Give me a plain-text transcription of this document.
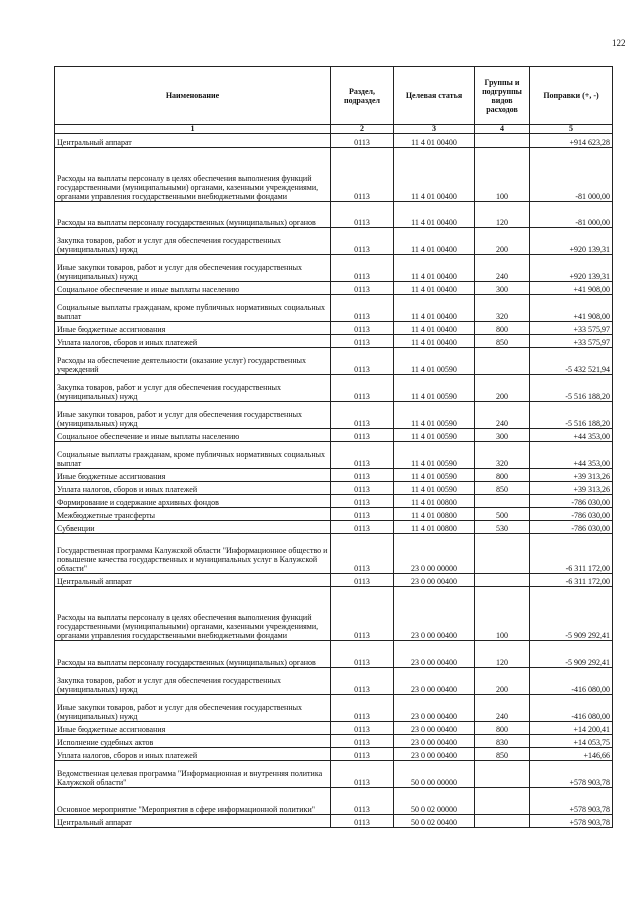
122
Наименование	Раздел, подраздел	Целевая статья	Группы и подгруппы видов расходов	Поправки (+, -)
1	2	3	4	5
Центральный аппарат	0113	11 4 01 00400		+914 623,28
Расходы на выплаты персоналу в целях обеспечения выполнения функций государственными (муниципальными) органами, казенными учреждениями, органами управления государственными внебюджетными фондами	0113	11 4 01 00400	100	-81 000,00
Расходы на выплаты персоналу государственных (муниципальных) органов	0113	11 4 01 00400	120	-81 000,00
Закупка товаров, работ и услуг для обеспечения государственных (муниципальных) нужд	0113	11 4 01 00400	200	+920 139,31
Иные закупки товаров, работ и услуг для обеспечения государственных (муниципальных) нужд	0113	11 4 01 00400	240	+920 139,31
Социальное обеспечение и иные выплаты населению	0113	11 4 01 00400	300	+41 908,00
Социальные выплаты гражданам, кроме публичных нормативных социальных выплат	0113	11 4 01 00400	320	+41 908,00
Иные бюджетные ассигнования	0113	11 4 01 00400	800	+33 575,97
Уплата налогов, сборов и иных платежей	0113	11 4 01 00400	850	+33 575,97
Расходы на обеспечение деятельности (оказание услуг) государственных учреждений	0113	11 4 01 00590		-5 432 521,94
Закупка товаров, работ и услуг для обеспечения государственных (муниципальных) нужд	0113	11 4 01 00590	200	-5 516 188,20
Иные закупки товаров, работ и услуг для обеспечения государственных (муниципальных) нужд	0113	11 4 01 00590	240	-5 516 188,20
Социальное обеспечение и иные выплаты населению	0113	11 4 01 00590	300	+44 353,00
Социальные выплаты гражданам, кроме публичных нормативных социальных выплат	0113	11 4 01 00590	320	+44 353,00
Иные бюджетные ассигнования	0113	11 4 01 00590	800	+39 313,26
Уплата налогов, сборов и иных платежей	0113	11 4 01 00590	850	+39 313,26
Формирование и содержание архивных фондов	0113	11 4 01 00800		-786 030,00
Межбюджетные трансферты	0113	11 4 01 00800	500	-786 030,00
Субвенции	0113	11 4 01 00800	530	-786 030,00
Государственная программа Калужской области "Информационное общество и повышение качества государственных и муниципальных услуг в Калужской области"	0113	23 0 00 00000		-6 311 172,00
Центральный аппарат	0113	23 0 00 00400		-6 311 172,00
Расходы на выплаты персоналу в целях обеспечения выполнения функций государственными (муниципальными) органами, казенными учреждениями, органами управления государственными внебюджетными фондами	0113	23 0 00 00400	100	-5 909 292,41
Расходы на выплаты персоналу государственных (муниципальных) органов	0113	23 0 00 00400	120	-5 909 292,41
Закупка товаров, работ и услуг для обеспечения государственных (муниципальных) нужд	0113	23 0 00 00400	200	-416 080,00
Иные закупки товаров, работ и услуг для обеспечения государственных (муниципальных) нужд	0113	23 0 00 00400	240	-416 080,00
Иные бюджетные ассигнования	0113	23 0 00 00400	800	+14 200,41
Исполнение судебных актов	0113	23 0 00 00400	830	+14 053,75
Уплата налогов, сборов и иных платежей	0113	23 0 00 00400	850	+146,66
Ведомственная целевая программа "Информационная и внутренняя политика Калужской области"	0113	50 0 00 00000		+578 903,78
Основное мероприятие "Мероприятия в сфере информационной политики"	0113	50 0 02 00000		+578 903,78
Центральный аппарат	0113	50 0 02 00400		+578 903,78
